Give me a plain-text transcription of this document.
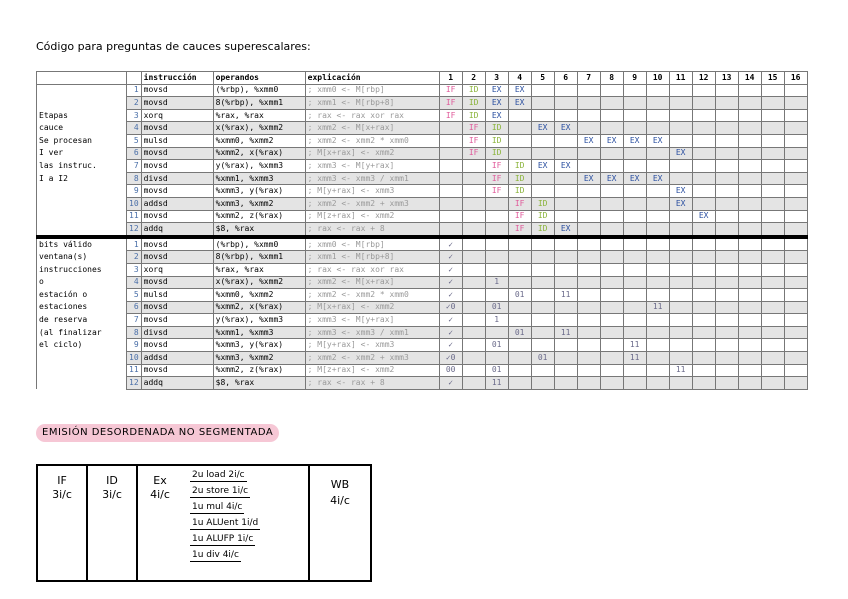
Código para preguntas de cauces superescalares:
		instrucción	operandos	explicación	1	2	3	4	5	6	7	8	9	10	11	12	13	14	15	16
	1	movsd	(%rbp), %xmm0	; xmm0 <- M[rbp]	IF	ID	EX	EX												
	2	movsd	8(%rbp), %xmm1	; xmm1 <- M[rbp+8]	IF	ID	EX	EX												
Etapas	3	xorq	%rax, %rax	; rax <- rax xor rax	IF	ID	EX													
cauce	4	movsd	x(%rax), %xmm2	; xmm2 <- M[x+rax]		IF	ID		EX	EX										
Se procesan	5	mulsd	%xmm0, %xmm2	; xmm2 <- xmm2 * xmm0		IF	ID				EX	EX	EX	EX						
I ver	6	movsd	%xmm2, x(%rax)	; M[x+rax] <- xmm2		IF	ID								EX					
las instruc.	7	movsd	y(%rax), %xmm3	; xmm3 <- M[y+rax]			IF	ID	EX	EX										
I a I2	8	divsd	%xmm1, %xmm3	; xmm3 <- xmm3 / xmm1			IF	ID			EX	EX	EX	EX						
	9	movsd	%xmm3, y(%rax)	; M[y+rax] <- xmm3			IF	ID							EX					
	10	addsd	%xmm3, %xmm2	; xmm2 <- xmm2 + xmm3				IF	ID						EX					
	11	movsd	%xmm2, z(%rax)	; M[z+rax] <- xmm2				IF	ID							EX				
	12	addq	$8, %rax	; rax <- rax + 8				IF	ID	EX										
bits válido	1	movsd	(%rbp), %xmm0	; xmm0 <- M[rbp]	✓															
ventana(s)	2	movsd	8(%rbp), %xmm1	; xmm1 <- M[rbp+8]	✓															
instrucciones	3	xorq	%rax, %rax	; rax <- rax xor rax	✓															
o	4	movsd	x(%rax), %xmm2	; xmm2 <- M[x+rax]	✓		1													
estación o	5	mulsd	%xmm0, %xmm2	; xmm2 <- xmm2 * xmm0	✓			01		11										
estaciones	6	movsd	%xmm2, x(%rax)	; M[x+rax] <- xmm2	✓0		01							11						
de reserva	7	movsd	y(%rax), %xmm3	; xmm3 <- M[y+rax]	✓		1													
(al finalizar	8	divsd	%xmm1, %xmm3	; xmm3 <- xmm3 / xmm1	✓			01		11										
el ciclo)	9	movsd	%xmm3, y(%rax)	; M[y+rax] <- xmm3	✓		01						11							
	10	addsd	%xmm3, %xmm2	; xmm2 <- xmm2 + xmm3	✓0				01				11							
	11	movsd	%xmm2, z(%rax)	; M[z+rax] <- xmm2	00		01								11					
	12	addq	$8, %rax	; rax <- rax + 8	✓		11													
EMISIÓN DESORDENADA NO SEGMENTADA
IF
3i/c
ID
3i/c
Ex
4i/c
2u load 2i/c
2u store 1i/c
1u mul 4i/c
1u ALUent 1i/d
1u ALUFP 1i/c
1u div 4i/c
WB
4i/c
